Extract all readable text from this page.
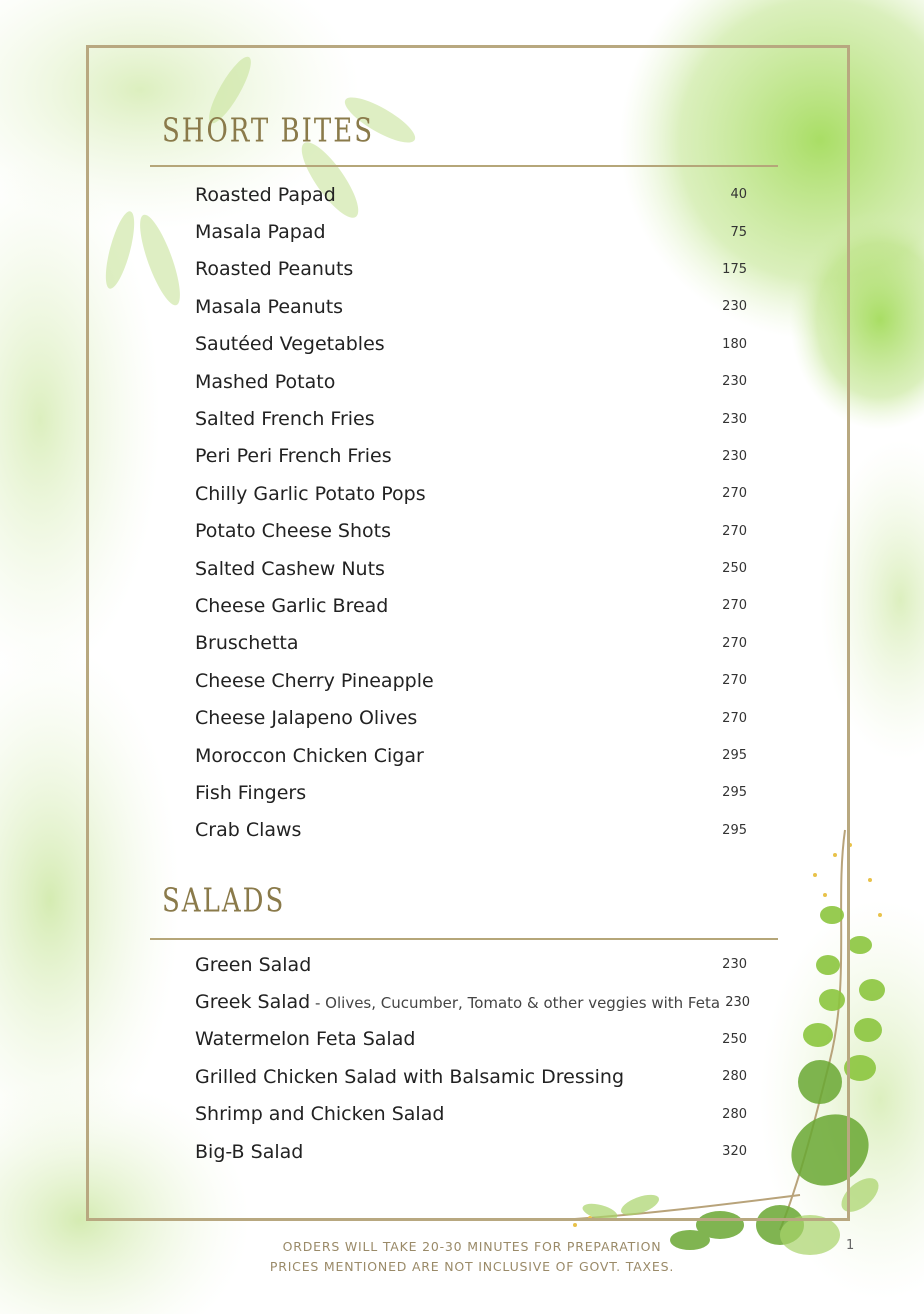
SHORT BITES
Roasted Papad	40
Masala Papad	75
Roasted Peanuts	175
Masala Peanuts	230
Sautéed Vegetables	180
Mashed Potato	230
Salted French Fries	230
Peri Peri French Fries	230
Chilly Garlic Potato Pops	270
Potato Cheese Shots	270
Salted Cashew Nuts	250
Cheese Garlic Bread	270
Bruschetta	270
Cheese Cherry Pineapple	270
Cheese Jalapeno Olives	270
Moroccon Chicken Cigar	295
Fish Fingers	295
Crab Claws	295
SALADS
Green Salad	230
Greek Salad - Olives, Cucumber, Tomato & other veggies with Feta 230
Watermelon Feta Salad	250
Grilled Chicken Salad with Balsamic Dressing	280
Shrimp and Chicken Salad	280
Big-B Salad	320
ORDERS WILL TAKE 20-30 MINUTES FOR PREPARATION
PRICES MENTIONED ARE NOT INCLUSIVE OF GOVT. TAXES.
1
